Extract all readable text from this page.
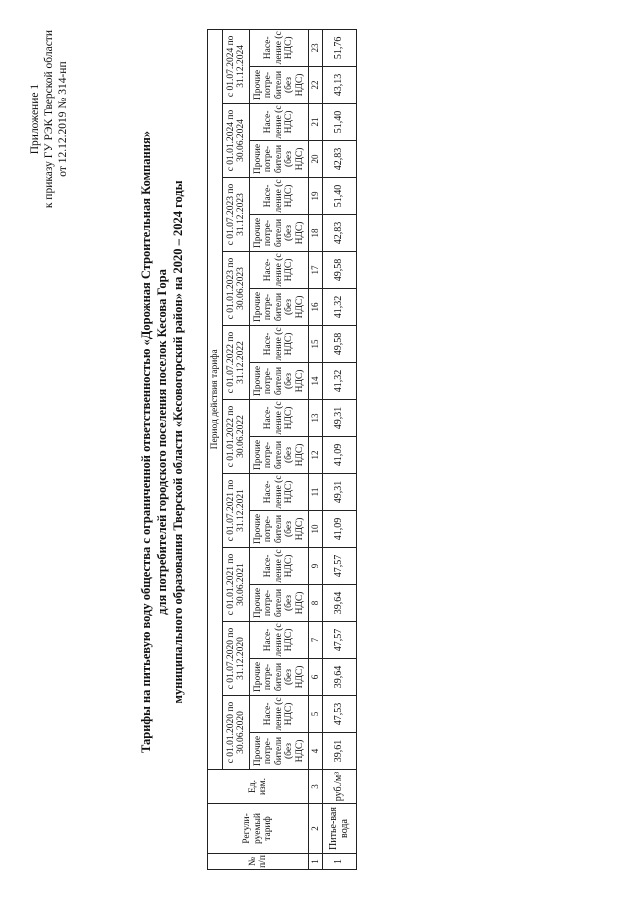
Приложение 1 к приказу ГУ РЭК Тверской области от 12.12.2019 № 314-нп
Тарифы на питьевую воду общества с ограниченной ответственностью «Дорожная Строительная Компания» для потребителей городского поселения поселок Кесова Гора муниципального образования Тверской области «Кесовогорский район» на 2020 – 2024 годы
№ п/п	Регули-руемый тариф	Ед. изм.	Период действия тарифа																			
			с 01.01.2020 по 30.06.2020		с 01.07.2020 по 31.12.2020		с 01.01.2021 по 30.06.2021		с 01.07.2021 по 31.12.2021		с 01.01.2022 по 30.06.2022		с 01.07.2022 по 31.12.2022		с 01.01.2023 по 30.06.2023		с 01.07.2023 по 31.12.2023		с 01.01.2024 по 30.06.2024		с 01.07.2024 по 31.12.2024	
			Прочие потре-бители (без НДС)	Насе-ление (с НДС)	Прочие потре-бители (без НДС)	Насе-ление (с НДС)	Прочие потре-бители (без НДС)	Насе-ление (с НДС)	Прочие потре-бители (без НДС)	Насе-ление (с НДС)	Прочие потре-бители (без НДС)	Насе-ление (с НДС)	Прочие потре-бители (без НДС)	Насе-ление (с НДС)	Прочие потре-бители (без НДС)	Насе-ление (с НДС)	Прочие потре-бители (без НДС)	Насе-ление (с НДС)	Прочие потре-бители (без НДС)	Насе-ление (с НДС)	Прочие потре-бители (без НДС)	Насе-ление (с НДС)
1	2	3	4	5	6	7	8	9	10	11	12	13	14	15	16	17	18	19	20	21	22	23
1	Питье-вая вода	руб./м³	39,61	47,53	39,64	47,57	39,64	47,57	41,09	49,31	41,09	49,31	41,32	49,58	41,32	49,58	42,83	51,40	42,83	51,40	43,13	51,76
